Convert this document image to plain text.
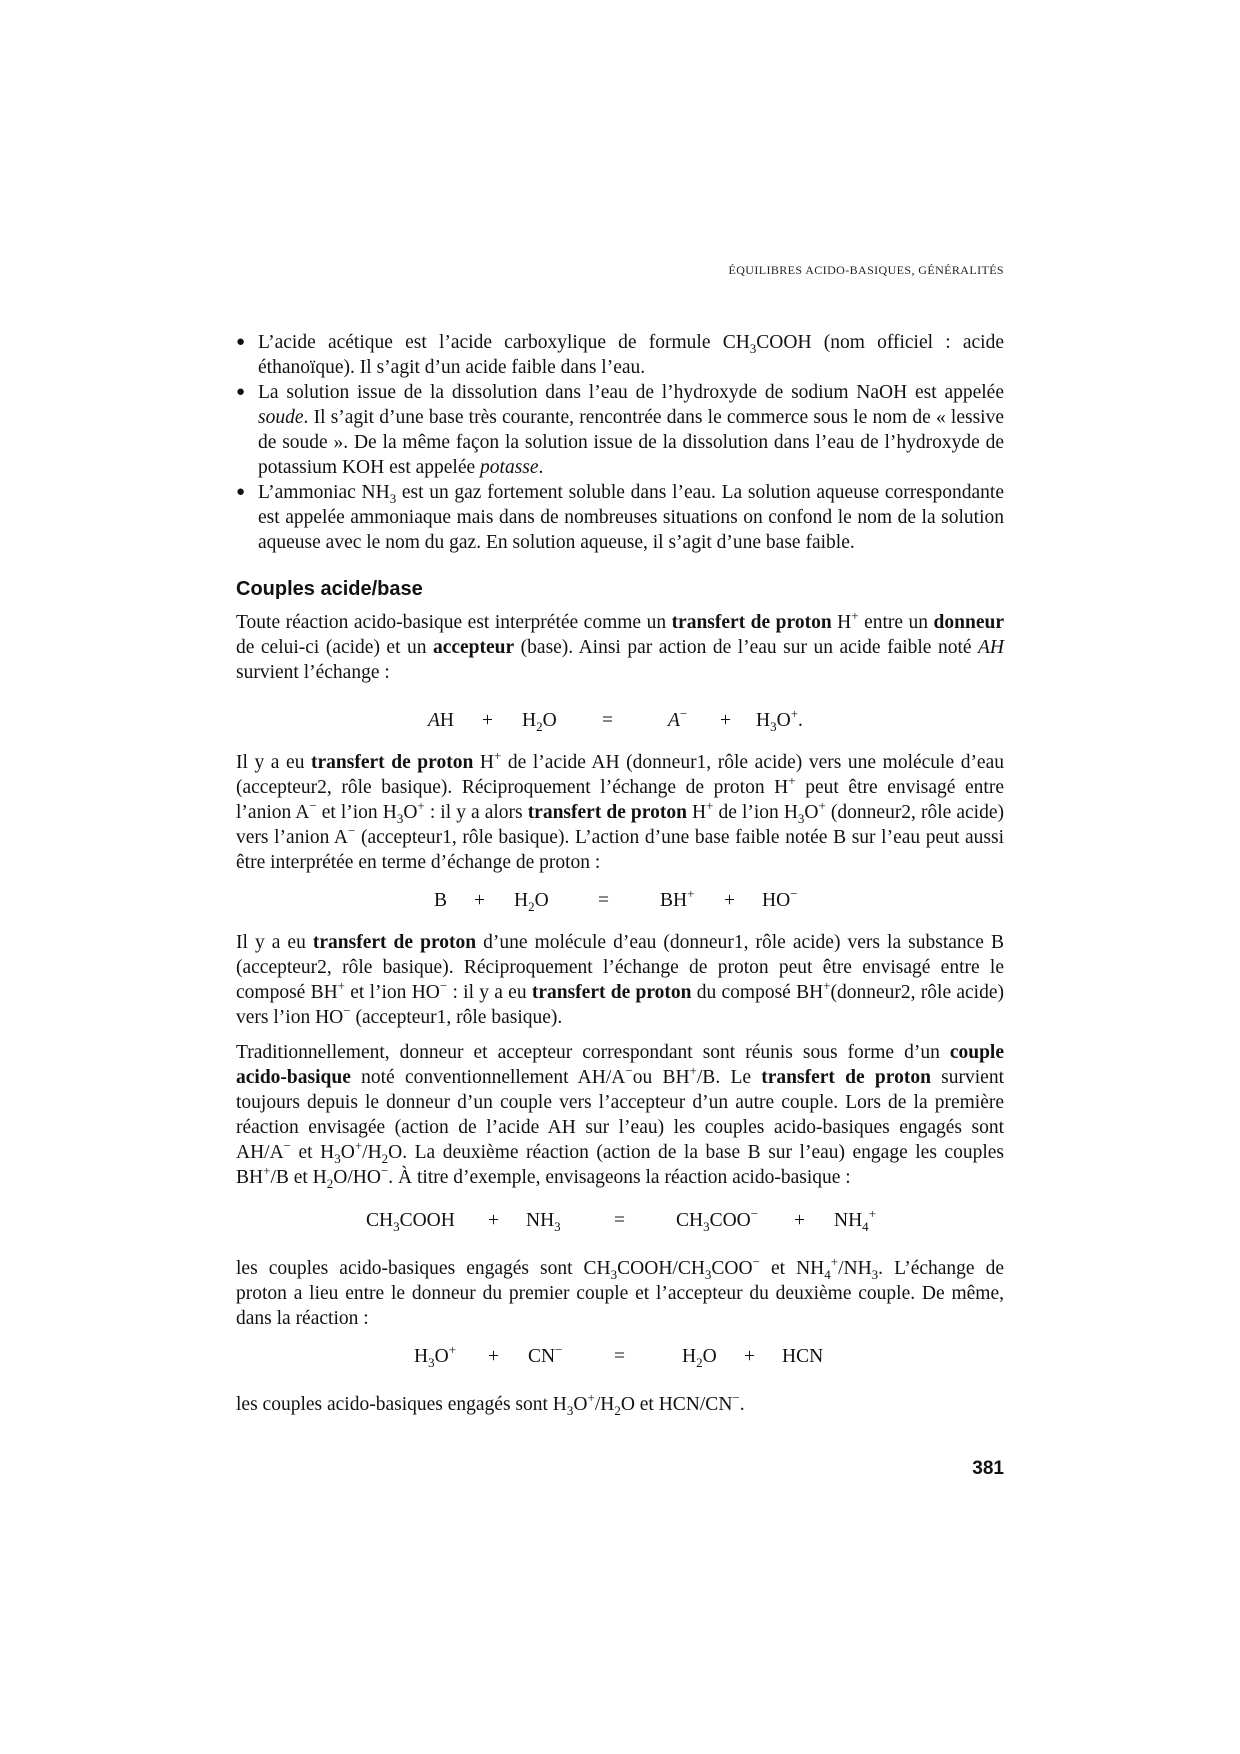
ÉQUILIBRES ACIDO-BASIQUES, GÉNÉRALITÉS
● L’acide acétique est l’acide carboxylique de formule $CH_3COOH$ (nom officiel : acide éthanoïque). Il s’agit d’un acide faible dans l’eau.
● La solution issue de la dissolution dans l’eau de l’hydroxyde de sodium NaOH est appelée soude. Il s’agit d’une base très courante, rencontrée dans le commerce sous le nom de « lessive de soude ». De la même façon la solution issue de la dissolution dans l’eau de l’hydroxyde de potassium KOH est appelée potasse.
● L’ammoniac $NH_3$ est un gaz fortement soluble dans l’eau. La solution aqueuse correspondante est appelée ammoniaque mais dans de nombreuses situations on confond le nom de la solution aqueuse avec le nom du gaz. En solution aqueuse, il s’agit d’une base faible.
Couples acide/base

Toute réaction acido-basique est interprétée comme un transfert de proton H+ entre un donneur de celui-ci (acide) et un accepteur (base). Ainsi par action de l’eau sur un acide faible noté AH survient l’échange :

AH + $H_2O$ =	$A^- + H_3O^+$.

Il y a eu transfert de proton H+ de l’acide AH (donneur1, rôle acide) vers une molécule d’eau (accepteur2, rôle basique). Réciproquement l’échange de proton H+ peut être envisagé entre l’anion A− et l’ion $H_3O^+$ : il y a alors transfert de proton H+ de l’ion $H_3O^+$ (donneur2, rôle acide) vers l’anion A− (accepteur1, rôle basique). L’action d’une base faible notée B sur l’eau peut aussi être interprétée en terme d’échange de proton :

$B + H_2O$	=	BH+ + HO−

Il y a eu transfert de proton d’une molécule d’eau (donneur1, rôle acide) vers la substance B (accepteur2, rôle basique). Réciproquement l’échange de proton peut être envisagé entre le composé BH+ et l’ion HO− : il y a eu transfert de proton du composé BH+(donneur2, rôle acide) vers l’ion HO− (accepteur1, rôle basique).

Traditionnellement, donneur et accepteur correspondant sont réunis sous forme d’un couple acido-basique noté conventionnellement AH/A−ou BH+/B. Le transfert de proton survient toujours depuis le donneur d’un couple vers l’accepteur d’un autre couple. Lors de la première réaction envisagée (action de l’acide AH sur l’eau) les couples acido-basiques engagés sont AH/A− et $H_3O^+/H_2O$. La deuxième réaction (action de la base B sur l’eau) engage les couples BH+/B et $H_2O/HO^-$. À titre d’exemple, envisageons la réaction acido-basique :

$CH_3COOH + NH_3$	=	$CH_3COO^- + NH_4^+$

les couples acido-basiques engagés sont $CH_3COOH/CH_3COO^-$ et $NH_4^+/NH_3$. L’échange de proton a lieu entre le donneur du premier couple et l’accepteur du deuxième couple. De même, dans la réaction :

$H_3O^+ + CN^-$	=	$H_2O$ + HCN

les couples acido-basiques engagés sont $H_3O^+/H_2O$ et HCN/CN−.

381
